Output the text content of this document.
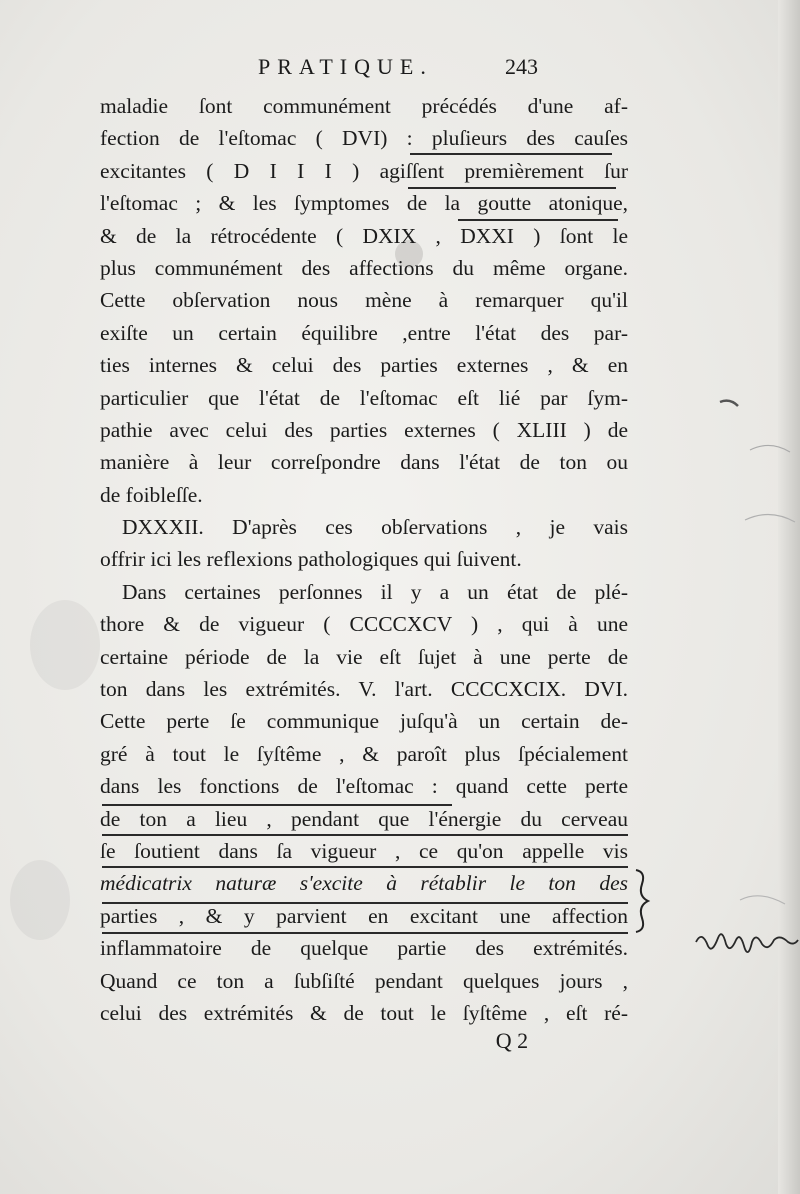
PRATIQUE.	243
maladie ſont communément précédés d'une af-
fection de l'eſtomac ( DVI) : pluſieurs des cauſes
excitantes ( D I I I ) agiſſent premièrement ſur
l'eſtomac ; & les ſymptomes de la goutte atonique,
& de la rétrocédente ( DXIX , DXXI ) ſont le
plus communément des affections du même organe.
Cette obſervation nous mène à remarquer qu'il
exiſte un certain équilibre ,entre l'état des par-
ties internes & celui des parties externes , & en
particulier que l'état de l'eſtomac eſt lié par ſym-
pathie avec celui des parties externes ( XLIII ) de
manière à leur correſpondre dans l'état de ton ou
de foibleſſe.
DXXXII. D'après ces obſervations , je vais
offrir ici les reflexions pathologiques qui ſuivent.
Dans certaines perſonnes il y a un état de plé-
thore & de vigueur ( CCCCXCV ) , qui à une
certaine période de la vie eſt ſujet à une perte de
ton dans les extrémités. V. l'art. CCCCXCIX. DVI.
Cette perte ſe communique juſqu'à un certain de-
gré à tout le ſyſtême , & paroît plus ſpécialement
dans les fonctions de l'eſtomac : quand cette perte
de ton a lieu , pendant que l'énergie du cerveau
ſe ſoutient dans ſa vigueur , ce qu'on appelle vis
médicatrix naturæ s'excite à rétablir le ton des
parties , & y parvient en excitant une affection
inflammatoire de quelque partie des extrémités.
Quand ce ton a ſubſiſté pendant quelques jours ,
celui des extrémités & de tout le ſyſtême , eſt ré-
Q 2
